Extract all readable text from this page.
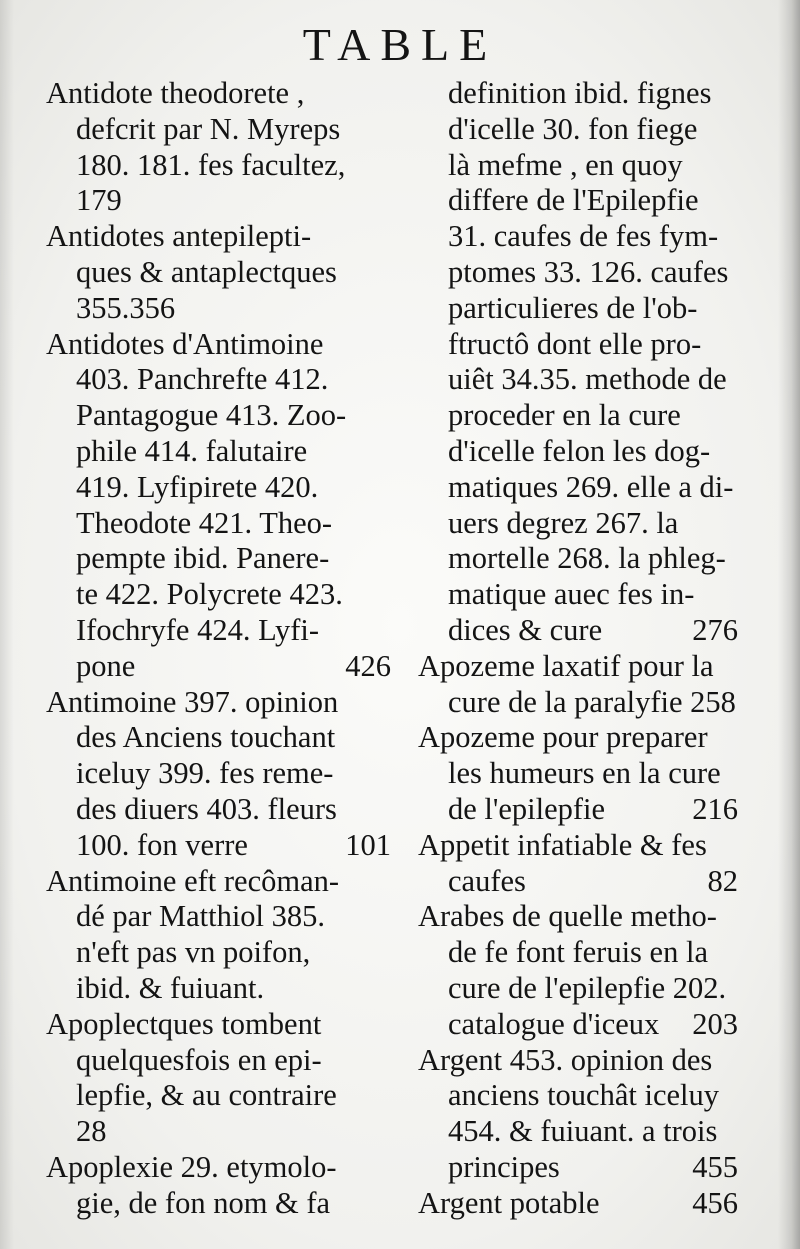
TABLE
Antidote theodorete ,
defcrit par N. Myreps
180. 181. fes facultez,
179
Antidotes antepilepti-
ques & antaplectques
355.356
Antidotes d'Antimoine
403. Panchrefte 412.
Pantagogue 413. Zoo-
phile 414. falutaire
419. Lyfipirete 420.
Theodote 421. Theo-
pempte ibid. Panere-
te 422. Polycrete 423.
Ifochryfe 424. Lyfi-
pone	426
Antimoine 397. opinion
des Anciens touchant
iceluy 399. fes reme-
des diuers 403. fleurs
100. fon verre	101
Antimoine eft recôman-
dé par Matthiol 385.
n'eft pas vn poifon,
ibid. & fuiuant.
Apoplectques tombent
quelquesfois en epi-
lepfie, & au contraire
28
Apoplexie 29. etymolo-
gie, de fon nom & fa
definition ibid. fignes
d'icelle 30. fon fiege
là mefme , en quoy
differe de l'Epilepfie
31. caufes de fes fym-
ptomes 33. 126. caufes
particulieres de l'ob-
ftructô dont elle pro-
uiêt 34.35. methode de
proceder en la cure
d'icelle felon les dog-
matiques 269. elle a di-
uers degrez 267. la
mortelle 268. la phleg-
matique auec fes in-
dices & cure	276
Apozeme laxatif pour la
cure de la paralyfie 258
Apozeme pour preparer
les humeurs en la cure
de l'epilepfie	216
Appetit infatiable & fes
caufes	82
Arabes de quelle metho-
de fe font feruis en la
cure de l'epilepfie 202.
catalogue d'iceux 203
Argent 453. opinion des
anciens touchât iceluy
454. & fuiuant. a trois
principes	455
Argent potable	456
